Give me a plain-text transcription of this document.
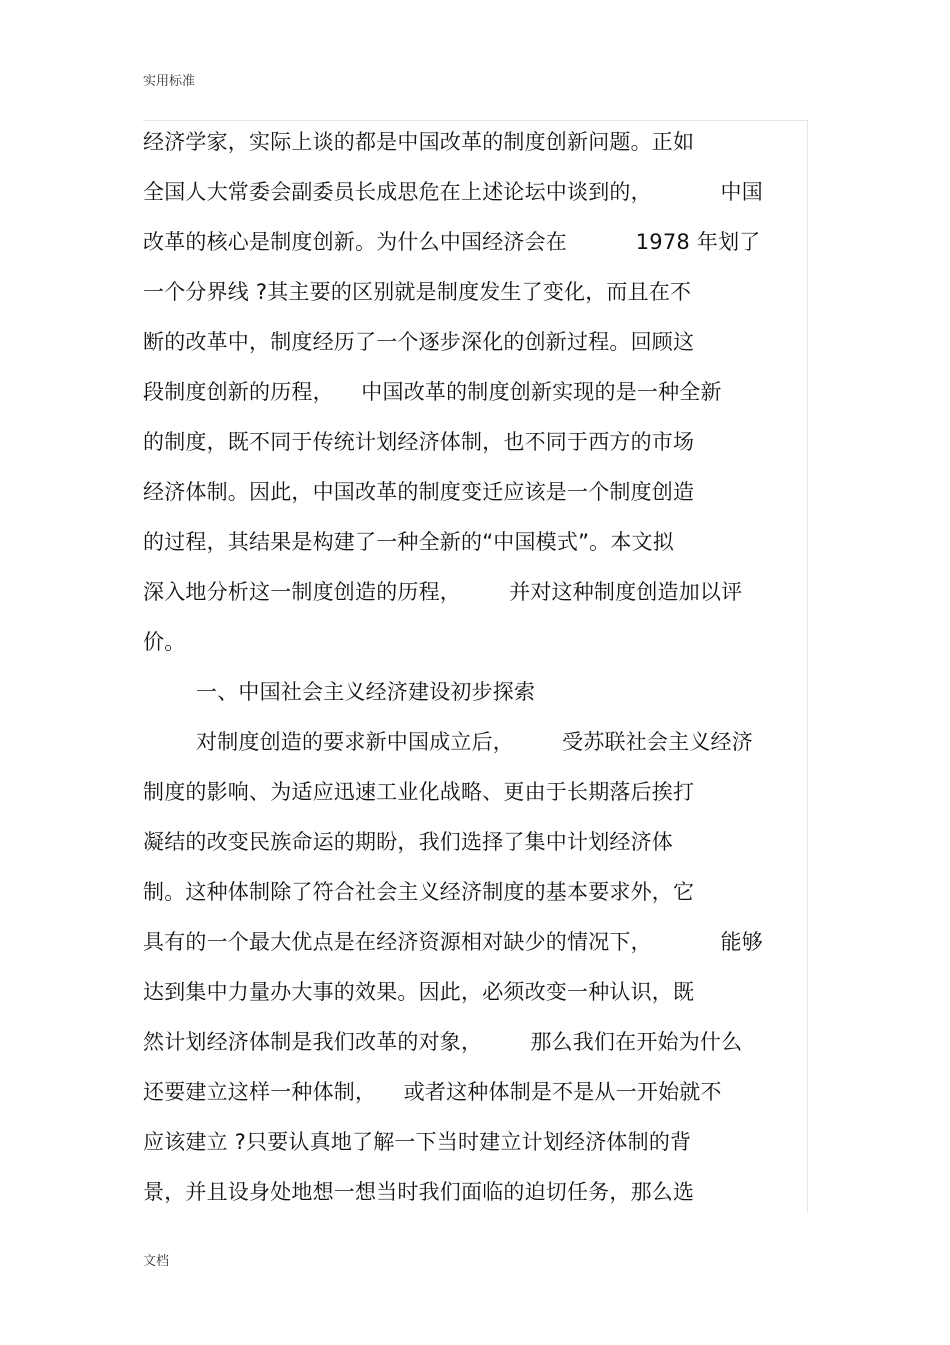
实用标准
经济学家，实际上谈的都是中国改革的制度创新问题。正如
全国人大常委会副委员长成思危在上述论坛中谈到的，          中国
改革的核心是制度创新。为什么中国经济会在          1978 年划了
一个分界线 ?其主要的区别就是制度发生了变化，而且在不
断的改革中，制度经历了一个逐步深化的创新过程。回顾这
段制度创新的历程，    中国改革的制度创新实现的是一种全新
的制度，既不同于传统计划经济体制，也不同于西方的市场
经济体制。因此，中国改革的制度变迁应该是一个制度创造
的过程，其结果是构建了一种全新的“中国模式”。本文拟
深入地分析这一制度创造的历程，       并对这种制度创造加以评
价。
一、中国社会主义经济建设初步探索
对制度创造的要求新中国成立后，       受苏联社会主义经济
制度的影响、为适应迅速工业化战略、更由于长期落后挨打
凝结的改变民族命运的期盼，我们选择了集中计划经济体
制。这种体制除了符合社会主义经济制度的基本要求外，它
具有的一个最大优点是在经济资源相对缺少的情况下，          能够
达到集中力量办大事的效果。因此，必须改变一种认识，既
然计划经济体制是我们改革的对象，       那么我们在开始为什么
还要建立这样一种体制，    或者这种体制是不是从一开始就不
应该建立 ?只要认真地了解一下当时建立计划经济体制的背
景，并且设身处地想一想当时我们面临的迫切任务，那么选
文档
